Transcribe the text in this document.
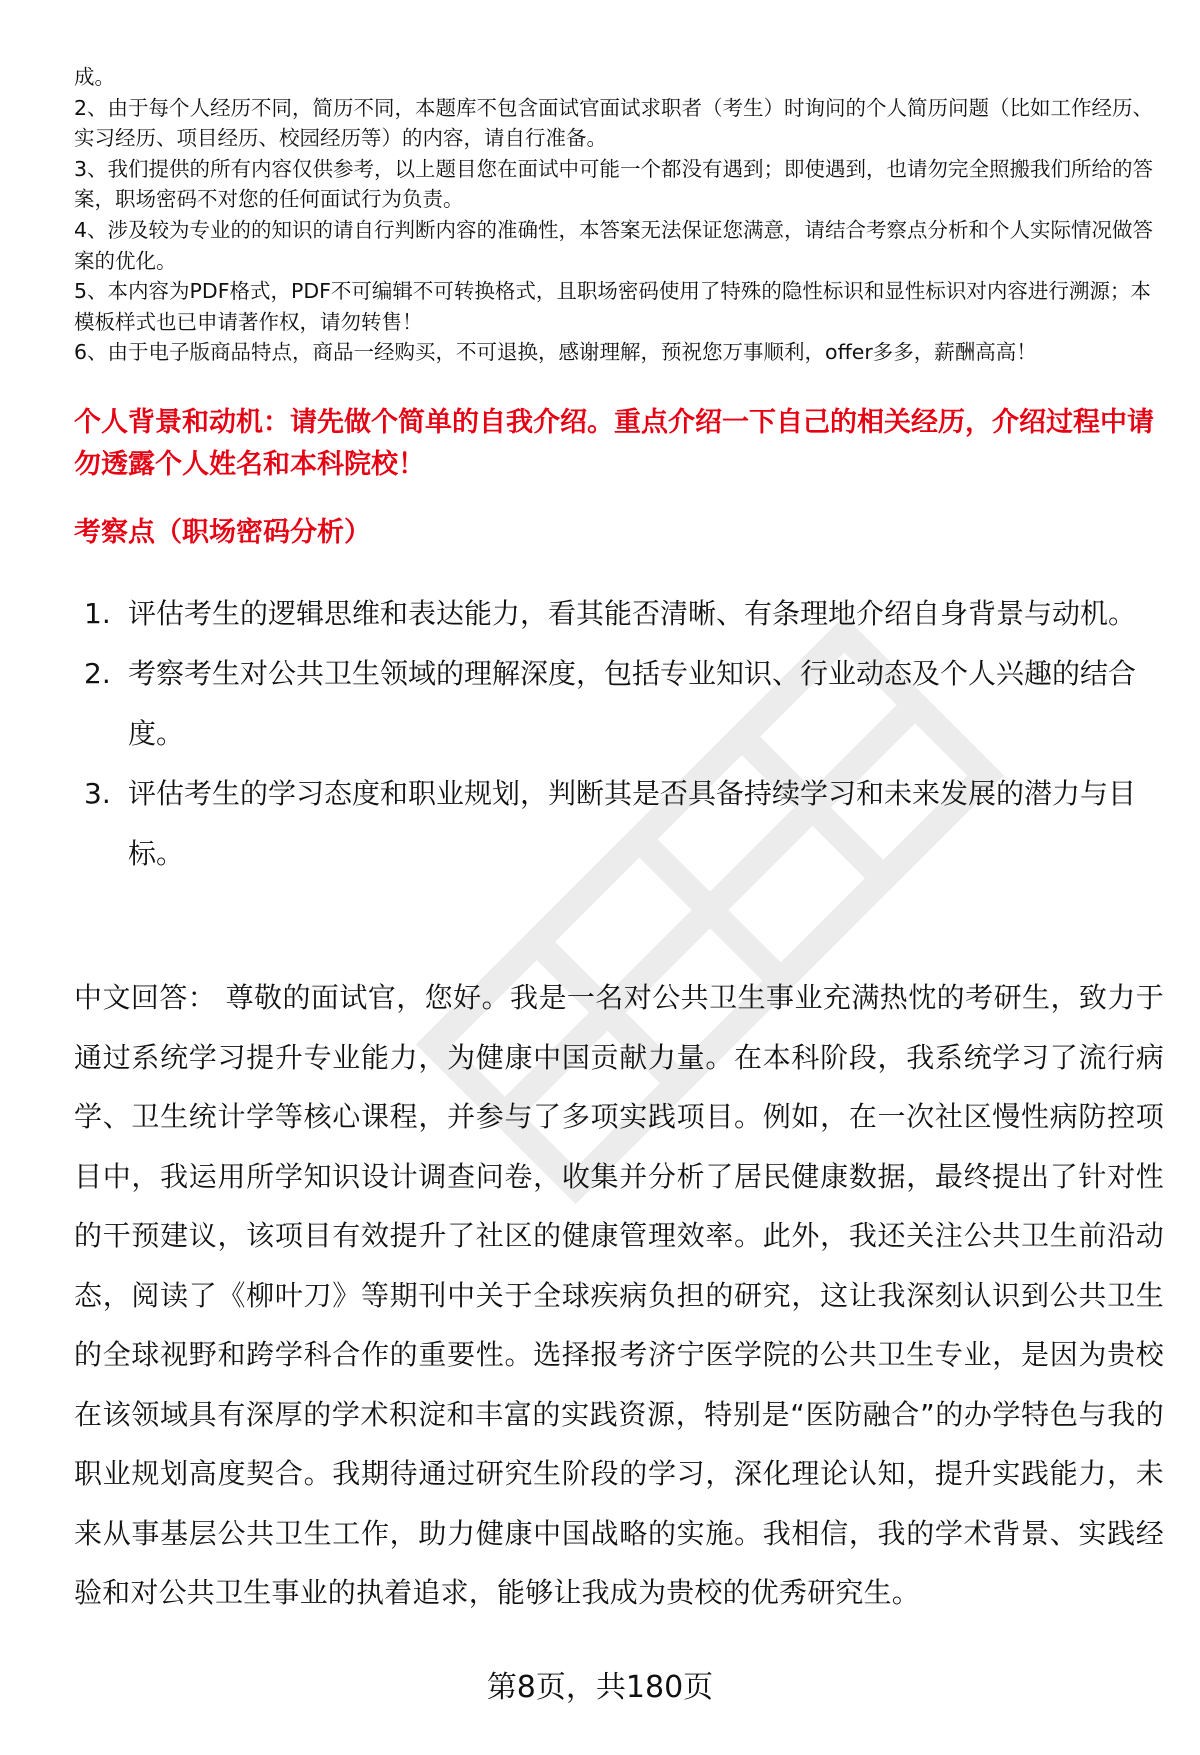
成。
2、由于每个人经历不同，简历不同，本题库不包含面试官面试求职者（考生）时询问的个人简历问题（比如工作经历、实习经历、项目经历、校园经历等）的内容，请自行准备。
3、我们提供的所有内容仅供参考，以上题目您在面试中可能一个都没有遇到；即使遇到，也请勿完全照搬我们所给的答案，职场密码不对您的任何面试行为负责。
4、涉及较为专业的的知识的请自行判断内容的准确性，本答案无法保证您满意，请结合考察点分析和个人实际情况做答案的优化。
5、本内容为PDF格式，PDF不可编辑不可转换格式，且职场密码使用了特殊的隐性标识和显性标识对内容进行溯源；本模板样式也已申请著作权，请勿转售！
6、由于电子版商品特点，商品一经购买，不可退换，感谢理解，预祝您万事顺利，offer多多，薪酬高高！
个人背景和动机：请先做个简单的自我介绍。重点介绍一下自己的相关经历，介绍过程中请勿透露个人姓名和本科院校！
考察点（职场密码分析）
1. 评估考生的逻辑思维和表达能力，看其能否清晰、有条理地介绍自身背景与动机。
2. 考察考生对公共卫生领域的理解深度，包括专业知识、行业动态及个人兴趣的结合度。
3. 评估考生的学习态度和职业规划，判断其是否具备持续学习和未来发展的潜力与目标。
中文回答： 尊敬的面试官，您好。我是一名对公共卫生事业充满热忱的考研生，致力于通过系统学习提升专业能力，为健康中国贡献力量。在本科阶段，我系统学习了流行病学、卫生统计学等核心课程，并参与了多项实践项目。例如，在一次社区慢性病防控项目中，我运用所学知识设计调查问卷，收集并分析了居民健康数据，最终提出了针对性的干预建议，该项目有效提升了社区的健康管理效率。此外，我还关注公共卫生前沿动态，阅读了《柳叶刀》等期刊中关于全球疾病负担的研究，这让我深刻认识到公共卫生的全球视野和跨学科合作的重要性。选择报考济宁医学院的公共卫生专业，是因为贵校在该领域具有深厚的学术积淀和丰富的实践资源，特别是“医防融合”的办学特色与我的职业规划高度契合。我期待通过研究生阶段的学习，深化理论认知，提升实践能力，未来从事基层公共卫生工作，助力健康中国战略的实施。我相信，我的学术背景、实践经验和对公共卫生事业的执着追求，能够让我成为贵校的优秀研究生。
第8页，共180页
